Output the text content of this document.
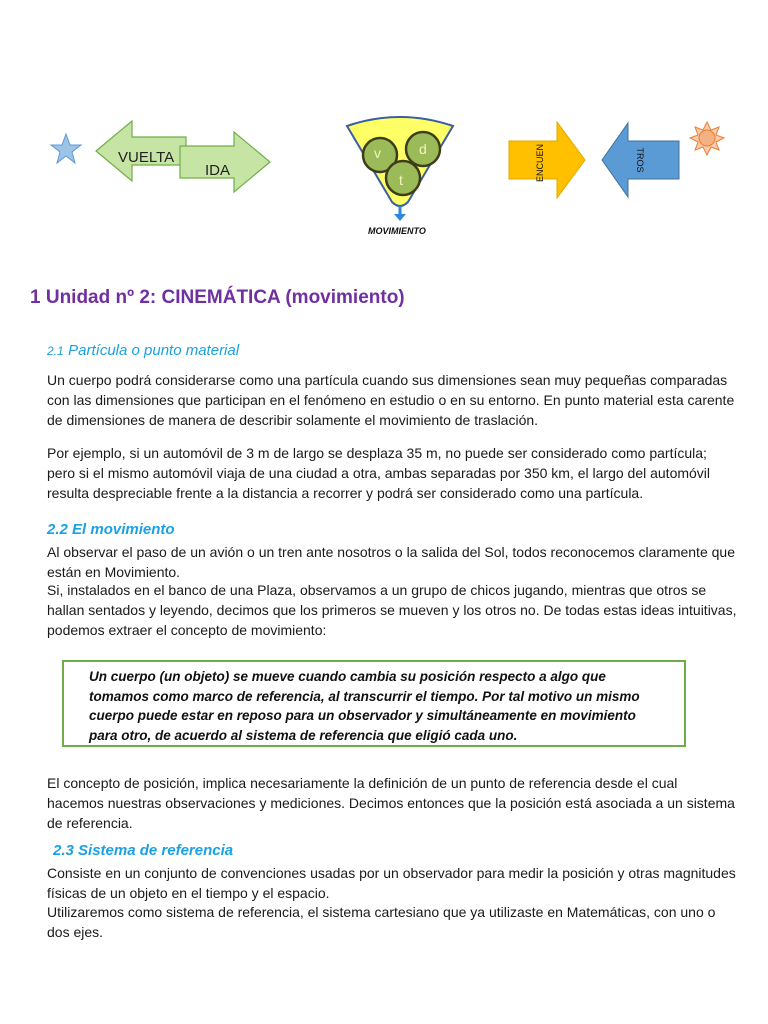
VUELTA
IDA
v	d
t
MOVIMIENTO
ENCUEN	TROS
1 Unidad nº 2: CINEMÁTICA (movimiento)
2.1 Partícula o punto material

Un cuerpo podrá considerarse como una partícula cuando sus dimensiones sean muy pequeñas comparadas con las dimensiones que participan en el fenómeno en estudio o en su entorno. En punto material esta carente de dimensiones de manera de describir solamente el movimiento de traslación.

Por ejemplo, si un automóvil de 3 m de largo se desplaza 35 m, no puede ser considerado como partícula; pero si el mismo automóvil viaja de una ciudad a otra, ambas separadas por 350 km, el largo del automóvil resulta despreciable frente a la distancia a recorrer y podrá ser considerado como una partícula.

2.2 El movimiento

Al observar el paso de un avión o un tren ante nosotros o la salida del Sol, todos reconocemos claramente que están en Movimiento.

Si, instalados en el banco de una Plaza, observamos a un grupo de chicos jugando, mientras que otros se hallan sentados y leyendo, decimos que los primeros se mueven y los otros no. De todas estas ideas intuitivas, podemos extraer el concepto de movimiento:

Un cuerpo (un objeto) se mueve cuando cambia su posición respecto a algo que tomamos como marco de referencia, al transcurrir el tiempo. Por tal motivo un mismo cuerpo puede estar en reposo para un observador y simultáneamente en movimiento para otro, de acuerdo al sistema de referencia que eligió cada uno.

El concepto de posición, implica necesariamente la definición de un punto de referencia desde el cual hacemos nuestras observaciones y mediciones. Decimos entonces que la posición está asociada a un sistema de referencia.

2.3 Sistema de referencia

Consiste en un conjunto de convenciones usadas por un observador para medir la posición y otras magnitudes físicas de un objeto en el tiempo y el espacio.

Utilizaremos como sistema de referencia, el sistema cartesiano que ya utilizaste en Matemáticas, con uno o dos ejes.
